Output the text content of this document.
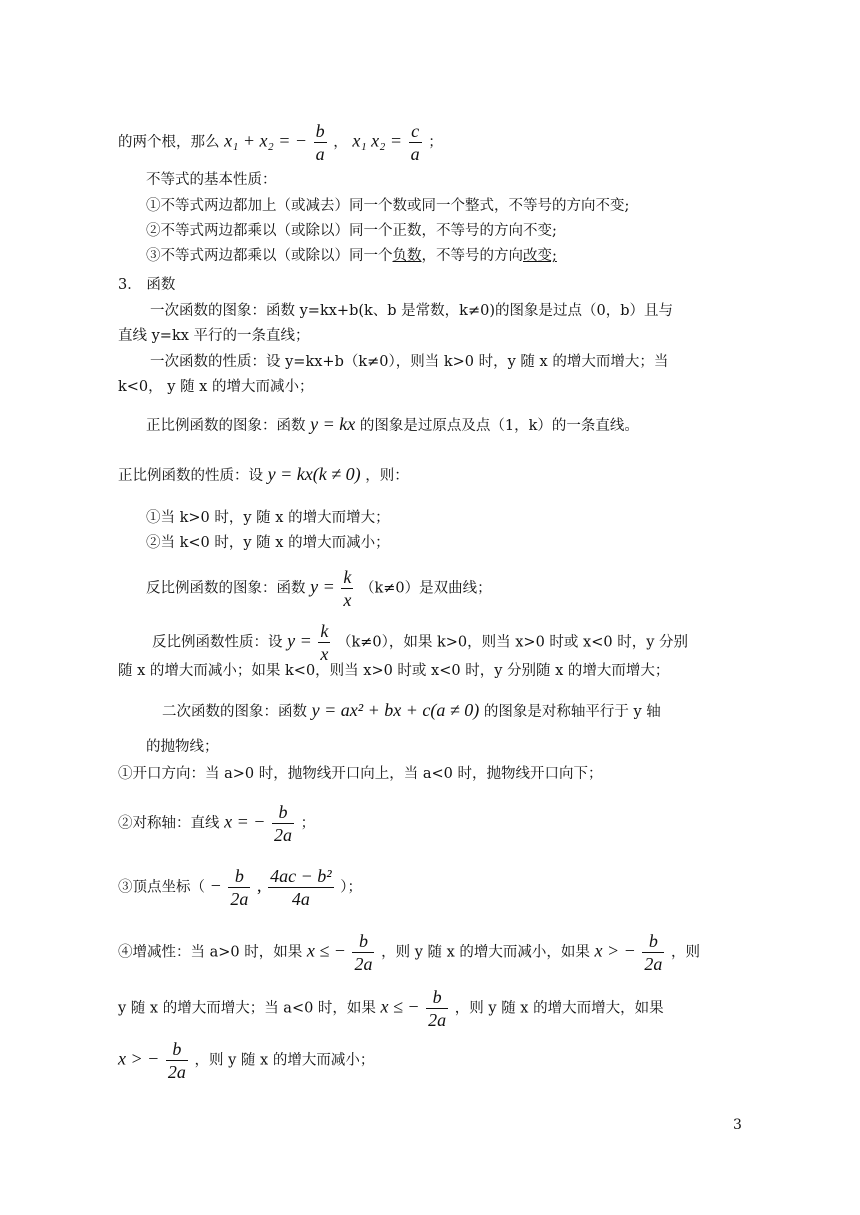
的两个根，那么 x₁ + x₂ = − $\frac{b}{a}$ ， x₁ $x_2 = \frac{c}{a}$ ；
不等式的基本性质：
①不等式两边都加上（或减去）同一个数或同一个整式，不等号的方向不变;
②不等式两边都乘以（或除以）同一个正数，不等号的方向不变;
③不等式两边都乘以（或除以）同一个负数，不等号的方向改变;
3． 函数
一次函数的图象：函数 y=kx+b(k、b 是常数，k≠0)的图象是过点（0，b）且与
直线 y=kx 平行的一条直线；
一次函数的性质：设 y=kx+b（k≠0），则当 k>0 时，y 随 x 的增大而增大；当
k<0， y 随 x 的增大而减小；
正比例函数的图象：函数 y = kx 的图象是过原点及点（1，k）的一条直线。
正比例函数的性质：设 y = kx(k ≠ 0) ，则：
①当 k>0 时，y 随 x 的增大而增大；
②当 k<0 时，y 随 x 的增大而减小；
反比例函数的图象：函数 $y = \frac{k}{x} (k\ne 0)$是双曲线；
反比例函数性质：设 $y = \frac{k}{x} (k\ne 0)$，如果 k>0，则当 x>0 时或 x<0 时，y 分别
随 x 的增大而减小；如果 k<0，则当 x>0 时或 x<0 时，y 分别随 x 的增大而增大；
二次函数的图象：函数 y = ax² + bx + c(a ≠ 0) 的图象是对称轴平行于 y 轴
的抛物线；
①开口方向：当 a>0 时，抛物线开口向上，当 a<0 时，抛物线开口向下；
②对称轴：直线 x = − $\frac{b}{2a}$ ；
③顶点坐标（ − $\frac{b}{2a}$ , $\frac{\text{4ac − b²}}{4a}$ ）；
④增减性：当 a>0 时，如果 x ≤ − $\frac{b}{2a}$ ，则 y 随 x 的增大而减小，如果 x > − $\frac{b}{2a}$ ，则
y 随 x 的增大而增大；当 a<0 时，如果 x ≤ − $\frac{b}{2a}$ ，则 y 随 x 的增大而增大，如果
x > − $\frac{b}{2a}$ ，则 y 随 x 的增大而减小；
3
